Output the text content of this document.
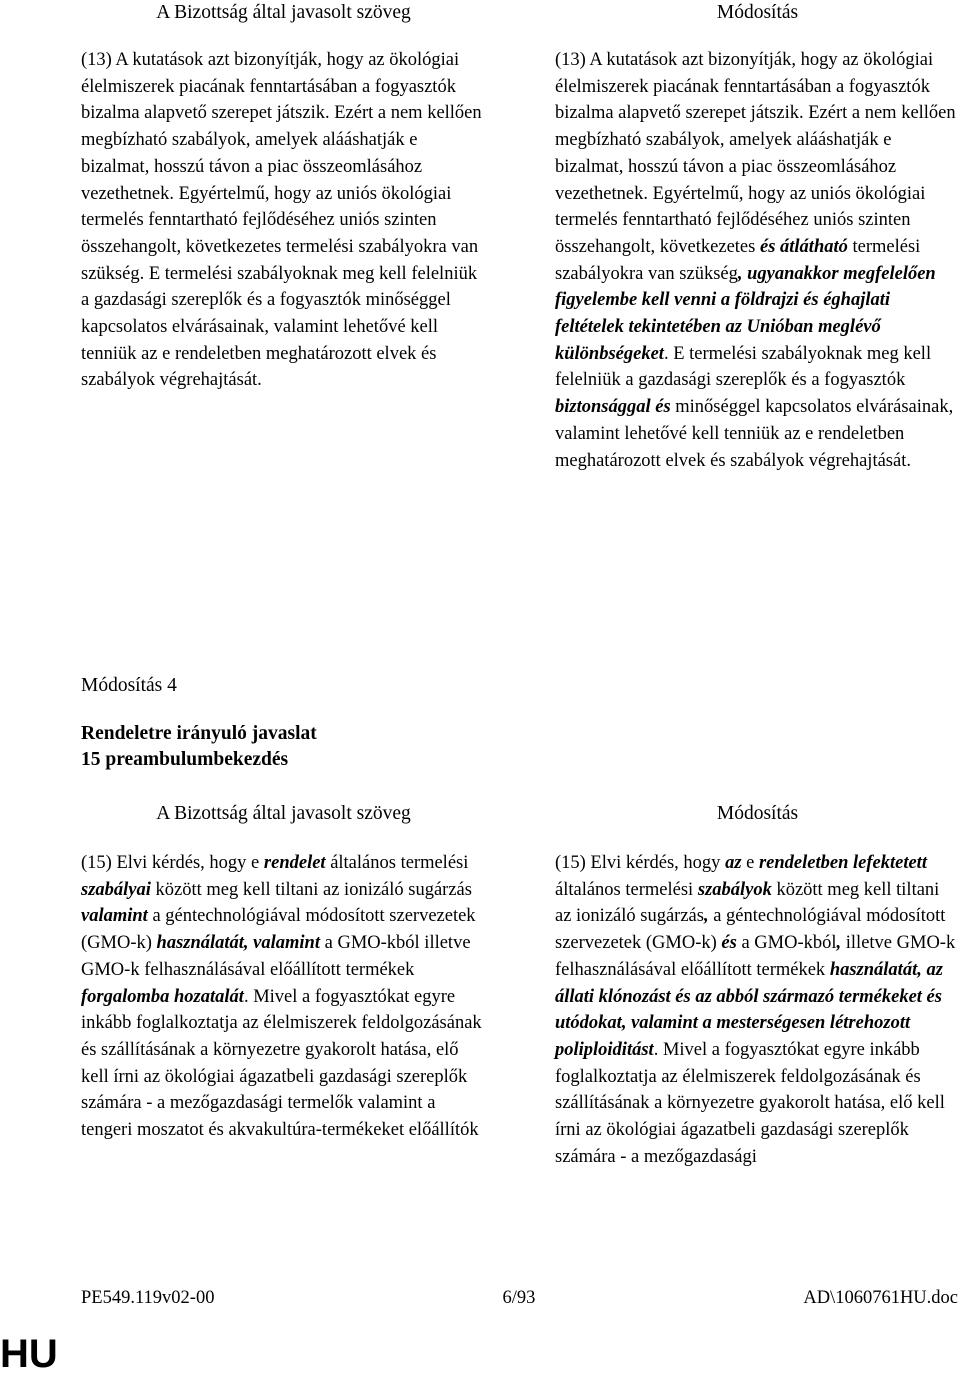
A Bizottság által javasolt szöveg	Módosítás
(13) A kutatások azt bizonyítják, hogy az ökológiai élelmiszerek piacának fenntartásában a fogyasztók bizalma alapvető szerepet játszik. Ezért a nem kellően megbízható szabályok, amelyek alááshatják e bizalmat, hosszú távon a piac összeomlásához vezethetnek. Egyértelmű, hogy az uniós ökológiai termelés fenntartható fejlődéséhez uniós szinten összehangolt, következetes termelési szabályokra van szükség. E termelési szabályoknak meg kell felelniük a gazdasági szereplők és a fogyasztók minőséggel kapcsolatos elvárásainak, valamint lehetővé kell tenniük az e rendeletben meghatározott elvek és szabályok végrehajtását.
(13) A kutatások azt bizonyítják, hogy az ökológiai élelmiszerek piacának fenntartásában a fogyasztók bizalma alapvető szerepet játszik. Ezért a nem kellően megbízható szabályok, amelyek alááshatják e bizalmat, hosszú távon a piac összeomlásához vezethetnek. Egyértelmű, hogy az uniós ökológiai termelés fenntartható fejlődéséhez uniós szinten összehangolt, következetes és átlátható termelési szabályokra van szükség, ugyanakkor megfelelően figyelembe kell venni a földrajzi és éghajlati feltételek tekintetében az Unióban meglévő különbségeket. E termelési szabályoknak meg kell felelniük a gazdasági szereplők és a fogyasztók biztonsággal és minőséggel kapcsolatos elvárásainak, valamint lehetővé kell tenniük az e rendeletben meghatározott elvek és szabályok végrehajtását.
Módosítás 4
Rendeletre irányuló javaslat
15 preambulumbekezdés
A Bizottság által javasolt szöveg	Módosítás
(15) Elvi kérdés, hogy e rendelet általános termelési szabályai között meg kell tiltani az ionizáló sugárzás valamint a géntechnológiával módosított szervezetek (GMO-k) használatát, valamint a GMO-kból illetve GMO-k felhasználásával előállított termékek forgalomba hozatalát. Mivel a fogyasztókat egyre inkább foglalkoztatja az élelmiszerek feldolgozásának és szállításának a környezetre gyakorolt hatása, elő kell írni az ökológiai ágazatbeli gazdasági szereplők számára - a mezőgazdasági termelők valamint a tengeri moszatot és akvakultúra-termékeket előállítók
(15) Elvi kérdés, hogy az e rendeletben lefektetett általános termelési szabályok között meg kell tiltani az ionizáló sugárzás, a géntechnológiával módosított szervezetek (GMO-k) és a GMO-kból, illetve GMO-k felhasználásával előállított termékek használatát, az állati klónozást és az abból származó termékeket és utódokat, valamint a mesterségesen létrehozott poliploiditást. Mivel a fogyasztókat egyre inkább foglalkoztatja az élelmiszerek feldolgozásának és szállításának a környezetre gyakorolt hatása, elő kell írni az ökológiai ágazatbeli gazdasági szereplők számára - a mezőgazdasági
PE549.119v02-00	6/93	AD\1060761HU.doc
HU
